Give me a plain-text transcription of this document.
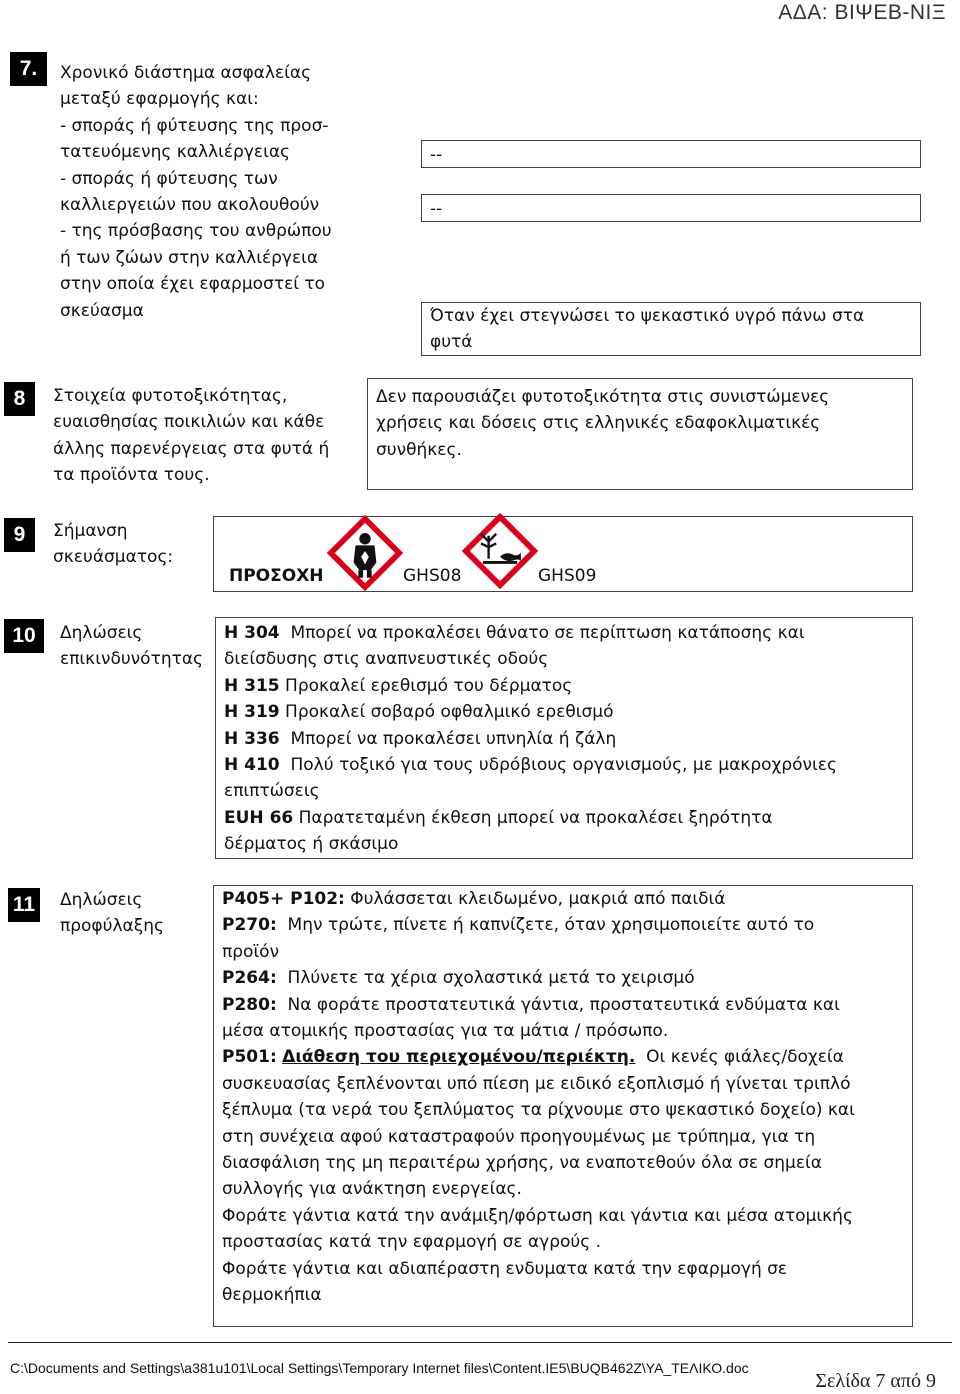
ΑΔΑ: ΒΙΨΕΒ-ΝΙΞ
7.	Χρονικό διάστημα ασφαλείας
μεταξύ εφαρμογής και:
- σποράς ή φύτευσης της προσ-
τατευόμενης καλλιέργειας
- σποράς ή φύτευσης των
καλλιεργειών που ακολουθούν
- της πρόσβασης του ανθρώπου
ή των ζώων στην καλλιέργεια
στην οποία έχει εφαρμοστεί το
σκεύασμα
--
--
Όταν έχει στεγνώσει το ψεκαστικό υγρό πάνω στα φυτά
8	Στοιχεία φυτοτοξικότητας,
ευαισθησίας ποικιλιών και κάθε
άλλης παρενέργειας στα φυτά ή
τα προϊόντα τους.
Δεν παρουσιάζει φυτοτοξικότητα στις συνιστώμενες
χρήσεις και δόσεις στις ελληνικές εδαφοκλιματικές
συνθήκες.
9	Σήμανση
σκευάσματος:
ΠΡΟΣΟΧΗ	GHS08	GHS09
10	Δηλώσεις
επικινδυνότητας
H 304 Μπορεί να προκαλέσει θάνατο σε περίπτωση κατάποσης και
διείσδυσης στις αναπνευστικές οδούς
H 315 Προκαλεί ερεθισμό του δέρματος
H 319 Προκαλεί σοβαρό οφθαλμικό ερεθισμό
H 336 Μπορεί να προκαλέσει υπνηλία ή ζάλη
H 410 Πολύ τοξικό για τους υδρόβιους οργανισμούς, με μακροχρόνιες
επιπτώσεις
EUH 66 Παρατεταμένη έκθεση μπορεί να προκαλέσει ξηρότητα
δέρματος ή σκάσιμο
11 Δηλώσεις
προφύλαξης
P405+ P102: Φυλάσσεται κλειδωμένο, μακριά από παιδιά
P270:  Μην τρώτε, πίνετε ή καπνίζετε, όταν χρησιμοποιείτε αυτό το
προϊόν
P264:  Πλύνετε τα χέρια σχολαστικά μετά το χειρισμό
P280:  Να φοράτε προστατευτικά γάντια, προστατευτικά ενδύματα και
μέσα ατομικής προστασίας για τα μάτια / πρόσωπο.
P501: Διάθεση του περιεχομένου/περιέκτη.  Οι κενές φιάλες/δοχεία
συσκευασίας ξεπλένονται υπό πίεση με ειδικό εξοπλισμό ή γίνεται τριπλό
ξέπλυμα (τα νερά του ξεπλύματος τα ρίχνουμε στο ψεκαστικό δοχείο) και
στη συνέχεια αφού καταστραφούν προηγουμένως με τρύπημα, για τη
διασφάλιση της μη περαιτέρω χρήσης, να εναποτεθούν όλα σε σημεία
συλλογής για ανάκτηση ενεργείας.
Φοράτε γάντια κατά την ανάμιξη/φόρτωση και γάντια και μέσα ατομικής
προστασίας κατά την εφαρμογή σε αγρούς .
Φοράτε γάντια και αδιαπέραστη ενδυματα κατά την εφαρμογή σε
θερμοκήπια
C:\Documents and Settings\a381u101\Local Settings\Temporary Internet files\Content.IE5\BUQB462Z\ΥΑ_ΤΕΛΙΚΟ.doc
Σελίδα 7 από 9
